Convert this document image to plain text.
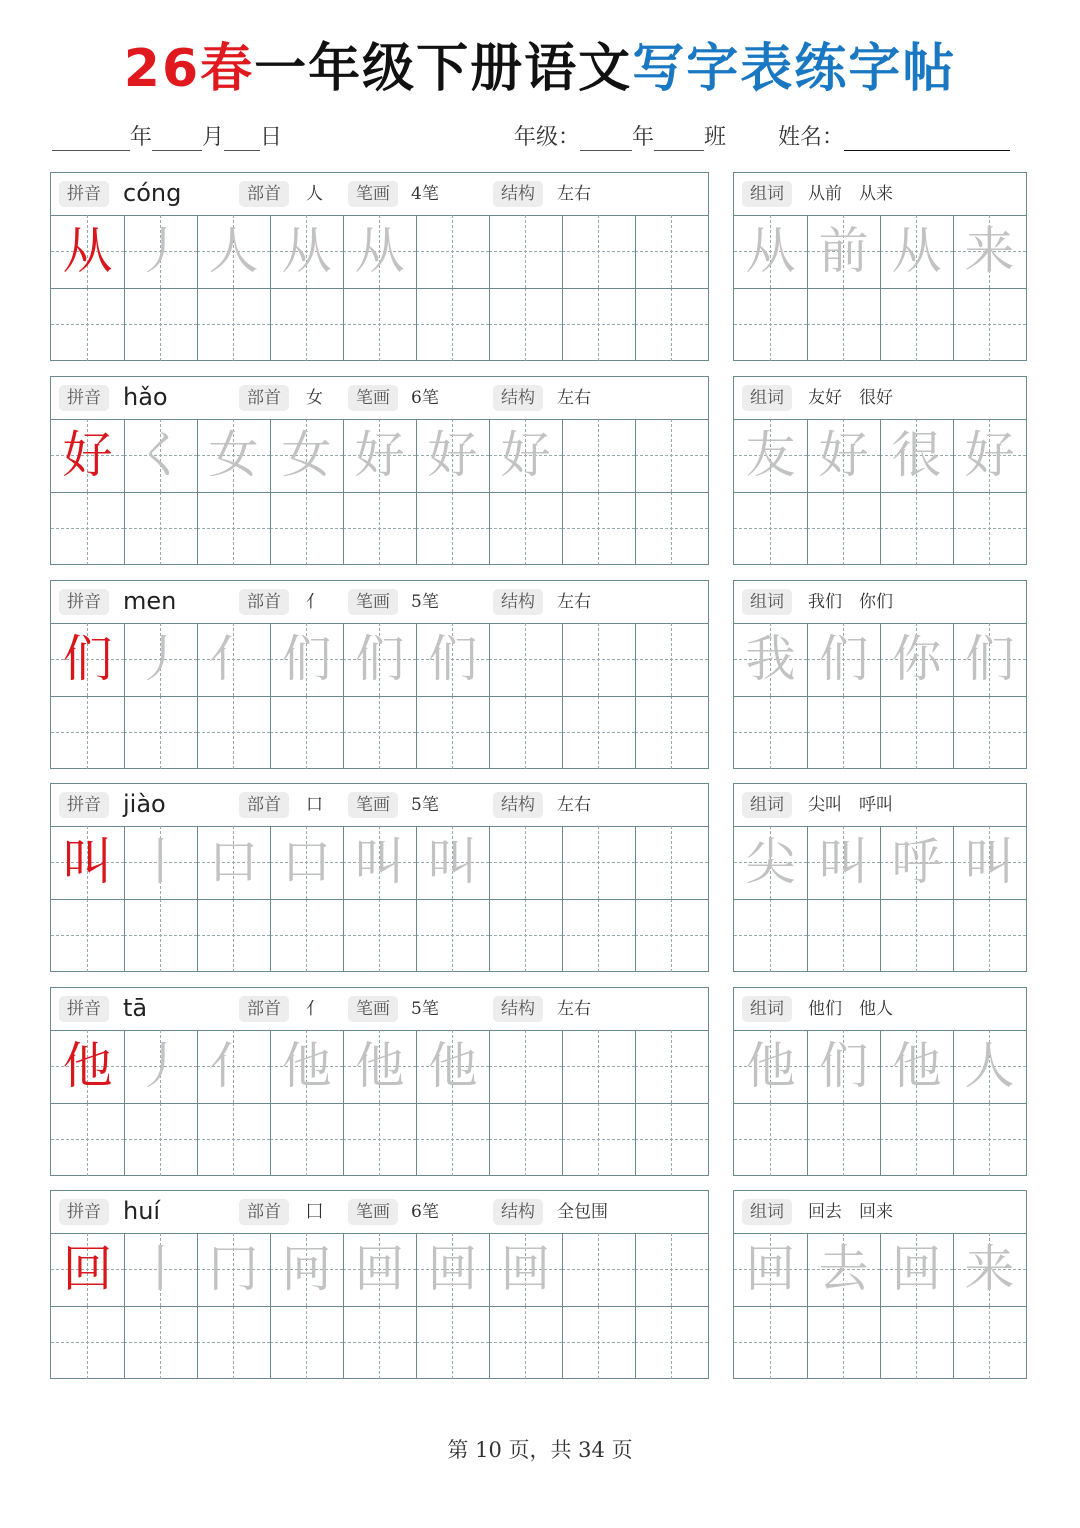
26春一年级下册语文写字表练字帖
年 月 日	年级： 年 班 姓名：
拼音 cóng	部首	人	笔画	4笔	结构	左右
从 丿 人 从 从
组词	从前　从来
从 前 从 来
拼音 hǎo	部首	女	笔画	6笔	结构	左右
好 く 女 女 好 好 好
组词	友好　很好
友 好 很 好
拼音 men	部首	亻	笔画	5笔	结构	左右
们 丿 亻 们 们 们
组词	我们　你们
我 们 你 们
拼音 jiào	部首	口	笔画	5笔	结构	左右
叫 丨 口 口 叫 叫
组词	尖叫　呼叫
尖 叫 呼 叫
拼音 tā	部首	亻	笔画	5笔	结构	左右
他 丿 亻 他 他 他
组词	他们　他人
他 们 他 人
拼音 huí	部首	囗	笔画	6笔	结构	全包围
回 丨 冂 冋 回 回 回
组词	回去　回来
回 去 回 来
第 10 页，共 34 页
